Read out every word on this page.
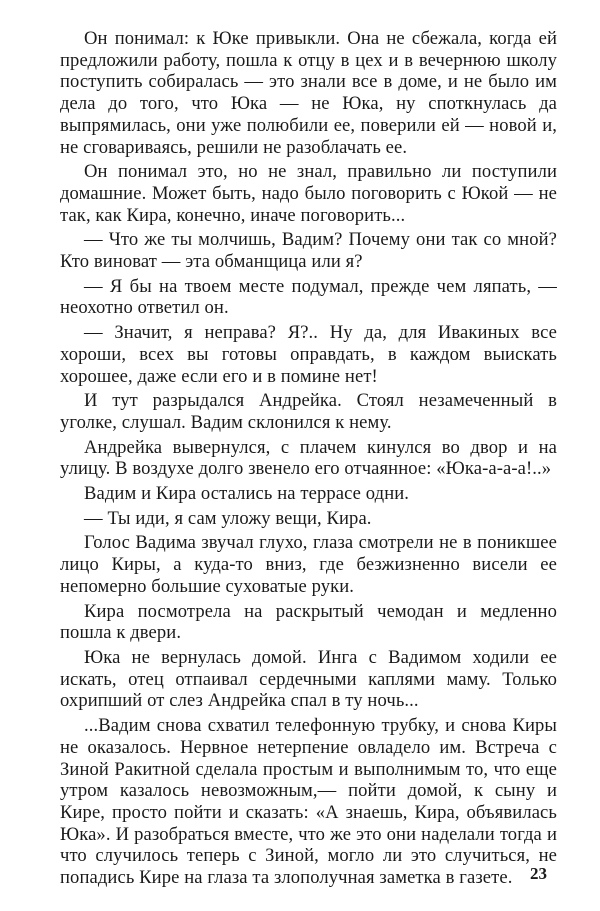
Он понимал: к Юке привыкли. Она не сбежала, когда ей предложили работу, пошла к отцу в цех и в вечернюю школу поступить собиралась — это знали все в доме, и не было им дела до того, что Юка — не Юка, ну споткнулась да выпрямилась, они уже полюбили ее, поверили ей — новой и, не сговариваясь, решили не разоблачать ее.

Он понимал это, но не знал, правильно ли поступили домашние. Может быть, надо было поговорить с Юкой — не так, как Кира, конечно, иначе поговорить...

— Что же ты молчишь, Вадим? Почему они так со мной? Кто виноват — эта обманщица или я?

— Я бы на твоем месте подумал, прежде чем ляпать, — неохотно ответил он.

— Значит, я неправа? Я?.. Ну да, для Ивакиных все хороши, всех вы готовы оправдать, в каждом выискать хорошее, даже если его и в помине нет!

И тут разрыдался Андрейка. Стоял незамеченный в уголке, слушал. Вадим склонился к нему.

Андрейка вывернулся, с плачем кинулся во двор и на улицу. В воздухе долго звенело его отчаянное: «Юка-а-а-а!..»

Вадим и Кира остались на террасе одни.

— Ты иди, я сам уложу вещи, Кира.

Голос Вадима звучал глухо, глаза смотрели не в поникшее лицо Киры, а куда-то вниз, где безжизненно висели ее непомерно большие суховатые руки.

Кира посмотрела на раскрытый чемодан и медленно пошла к двери.

Юка не вернулась домой. Инга с Вадимом ходили ее искать, отец отпаивал сердечными каплями маму. Только охрипший от слез Андрейка спал в ту ночь...

...Вадим снова схватил телефонную трубку, и снова Киры не оказалось. Нервное нетерпение овладело им. Встреча с Зиной Ракитной сделала простым и выполнимым то, что еще утром казалось невозможным,— пойти домой, к сыну и Кире, просто пойти и сказать: «А знаешь, Кира, объявилась Юка». И разобраться вместе, что же это они наделали тогда и что случилось теперь с Зиной, могло ли это случиться, не попадись Кире на глаза та злополучная заметка в газете.	23
